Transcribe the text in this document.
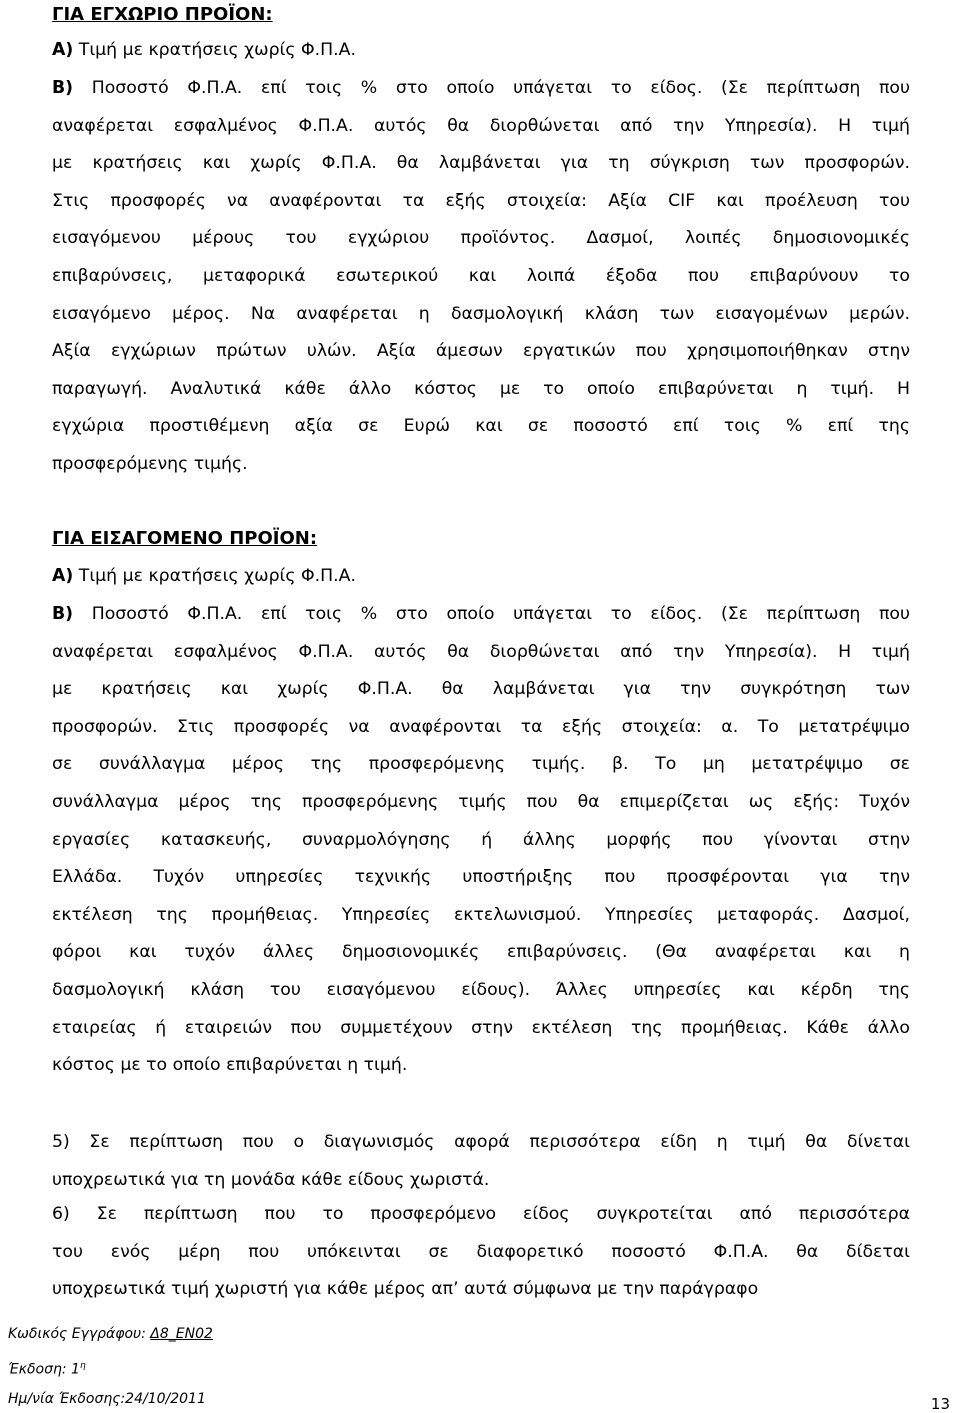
ΓΙΑ ΕΓΧΩΡΙΟ ΠΡΟΪΟΝ:

Α) Τιμή με κρατήσεις χωρίς Φ.Π.Α.

Β) Ποσοστό Φ.Π.Α. επί τοις % στο οποίο υπάγεται το είδος. (Σε περίπτωση που
αναφέρεται εσφαλμένος Φ.Π.Α. αυτός θα διορθώνεται από την Υπηρεσία). Η τιμή
με κρατήσεις και χωρίς Φ.Π.Α. θα λαμβάνεται για τη σύγκριση των προσφορών.
Στις προσφορές να αναφέρονται τα εξής στοιχεία: Αξία CIF και προέλευση του
εισαγόμενου μέρους του εγχώριου προϊόντος. Δασμοί, λοιπές δημοσιονομικές
επιβαρύνσεις, μεταφορικά εσωτερικού και λοιπά έξοδα που επιβαρύνουν το
εισαγόμενο μέρος. Να αναφέρεται η δασμολογική κλάση των εισαγομένων μερών.
Αξία εγχώριων πρώτων υλών. Αξία άμεσων εργατικών που χρησιμοποιήθηκαν στην
παραγωγή. Αναλυτικά κάθε άλλο κόστος με το οποίο επιβαρύνεται η τιμή. Η
εγχώρια προστιθέμενη αξία σε Ευρώ και σε ποσοστό επί τοις % επί της
προσφερόμενης τιμής.

ΓΙΑ ΕΙΣΑΓΟΜΕΝΟ ΠΡΟΪΟΝ:

Α) Τιμή με κρατήσεις χωρίς Φ.Π.Α.

Β) Ποσοστό Φ.Π.Α. επί τοις % στο οποίο υπάγεται το είδος. (Σε περίπτωση που
αναφέρεται εσφαλμένος Φ.Π.Α. αυτός θα διορθώνεται από την Υπηρεσία). Η τιμή
με κρατήσεις και χωρίς Φ.Π.Α. θα λαμβάνεται για την συγκρότηση των
προσφορών. Στις προσφορές να αναφέρονται τα εξής στοιχεία: α. Το μετατρέψιμο
σε συνάλλαγμα μέρος της προσφερόμενης τιμής. β. Το μη μετατρέψιμο σε
συνάλλαγμα μέρος της προσφερόμενης τιμής που θα επιμερίζεται ως εξής: Τυχόν
εργασίες κατασκευής, συναρμολόγησης ή άλλης μορφής που γίνονται στην
Ελλάδα. Τυχόν υπηρεσίες τεχνικής υποστήριξης που προσφέρονται για την
εκτέλεση της προμήθειας. Υπηρεσίες εκτελωνισμού. Υπηρεσίες μεταφοράς. Δασμοί,
φόροι και τυχόν άλλες δημοσιονομικές επιβαρύνσεις. (Θα αναφέρεται και η
δασμολογική κλάση του εισαγόμενου είδους). Άλλες υπηρεσίες και κέρδη της
εταιρείας ή εταιρειών που συμμετέχουν στην εκτέλεση της προμήθειας. Κάθε άλλο
κόστος με το οποίο επιβαρύνεται η τιμή.

5) Σε περίπτωση που ο διαγωνισμός αφορά περισσότερα είδη η τιμή θα δίνεται
υποχρεωτικά για τη μονάδα κάθε είδους χωριστά.

6) Σε περίπτωση που το προσφερόμενο είδος συγκροτείται από περισσότερα
του ενός μέρη που υπόκεινται σε διαφορετικό ποσοστό Φ.Π.Α. θα δίδεται
υποχρεωτικά τιμή χωριστή για κάθε μέρος απ’ αυτά σύμφωνα με την παράγραφο

Κωδικός Εγγράφου: Δ8_ΕΝ02
Έκδοση: $1^\eta$
Ημ/νία Έκδοσης:24/10/2011	13
